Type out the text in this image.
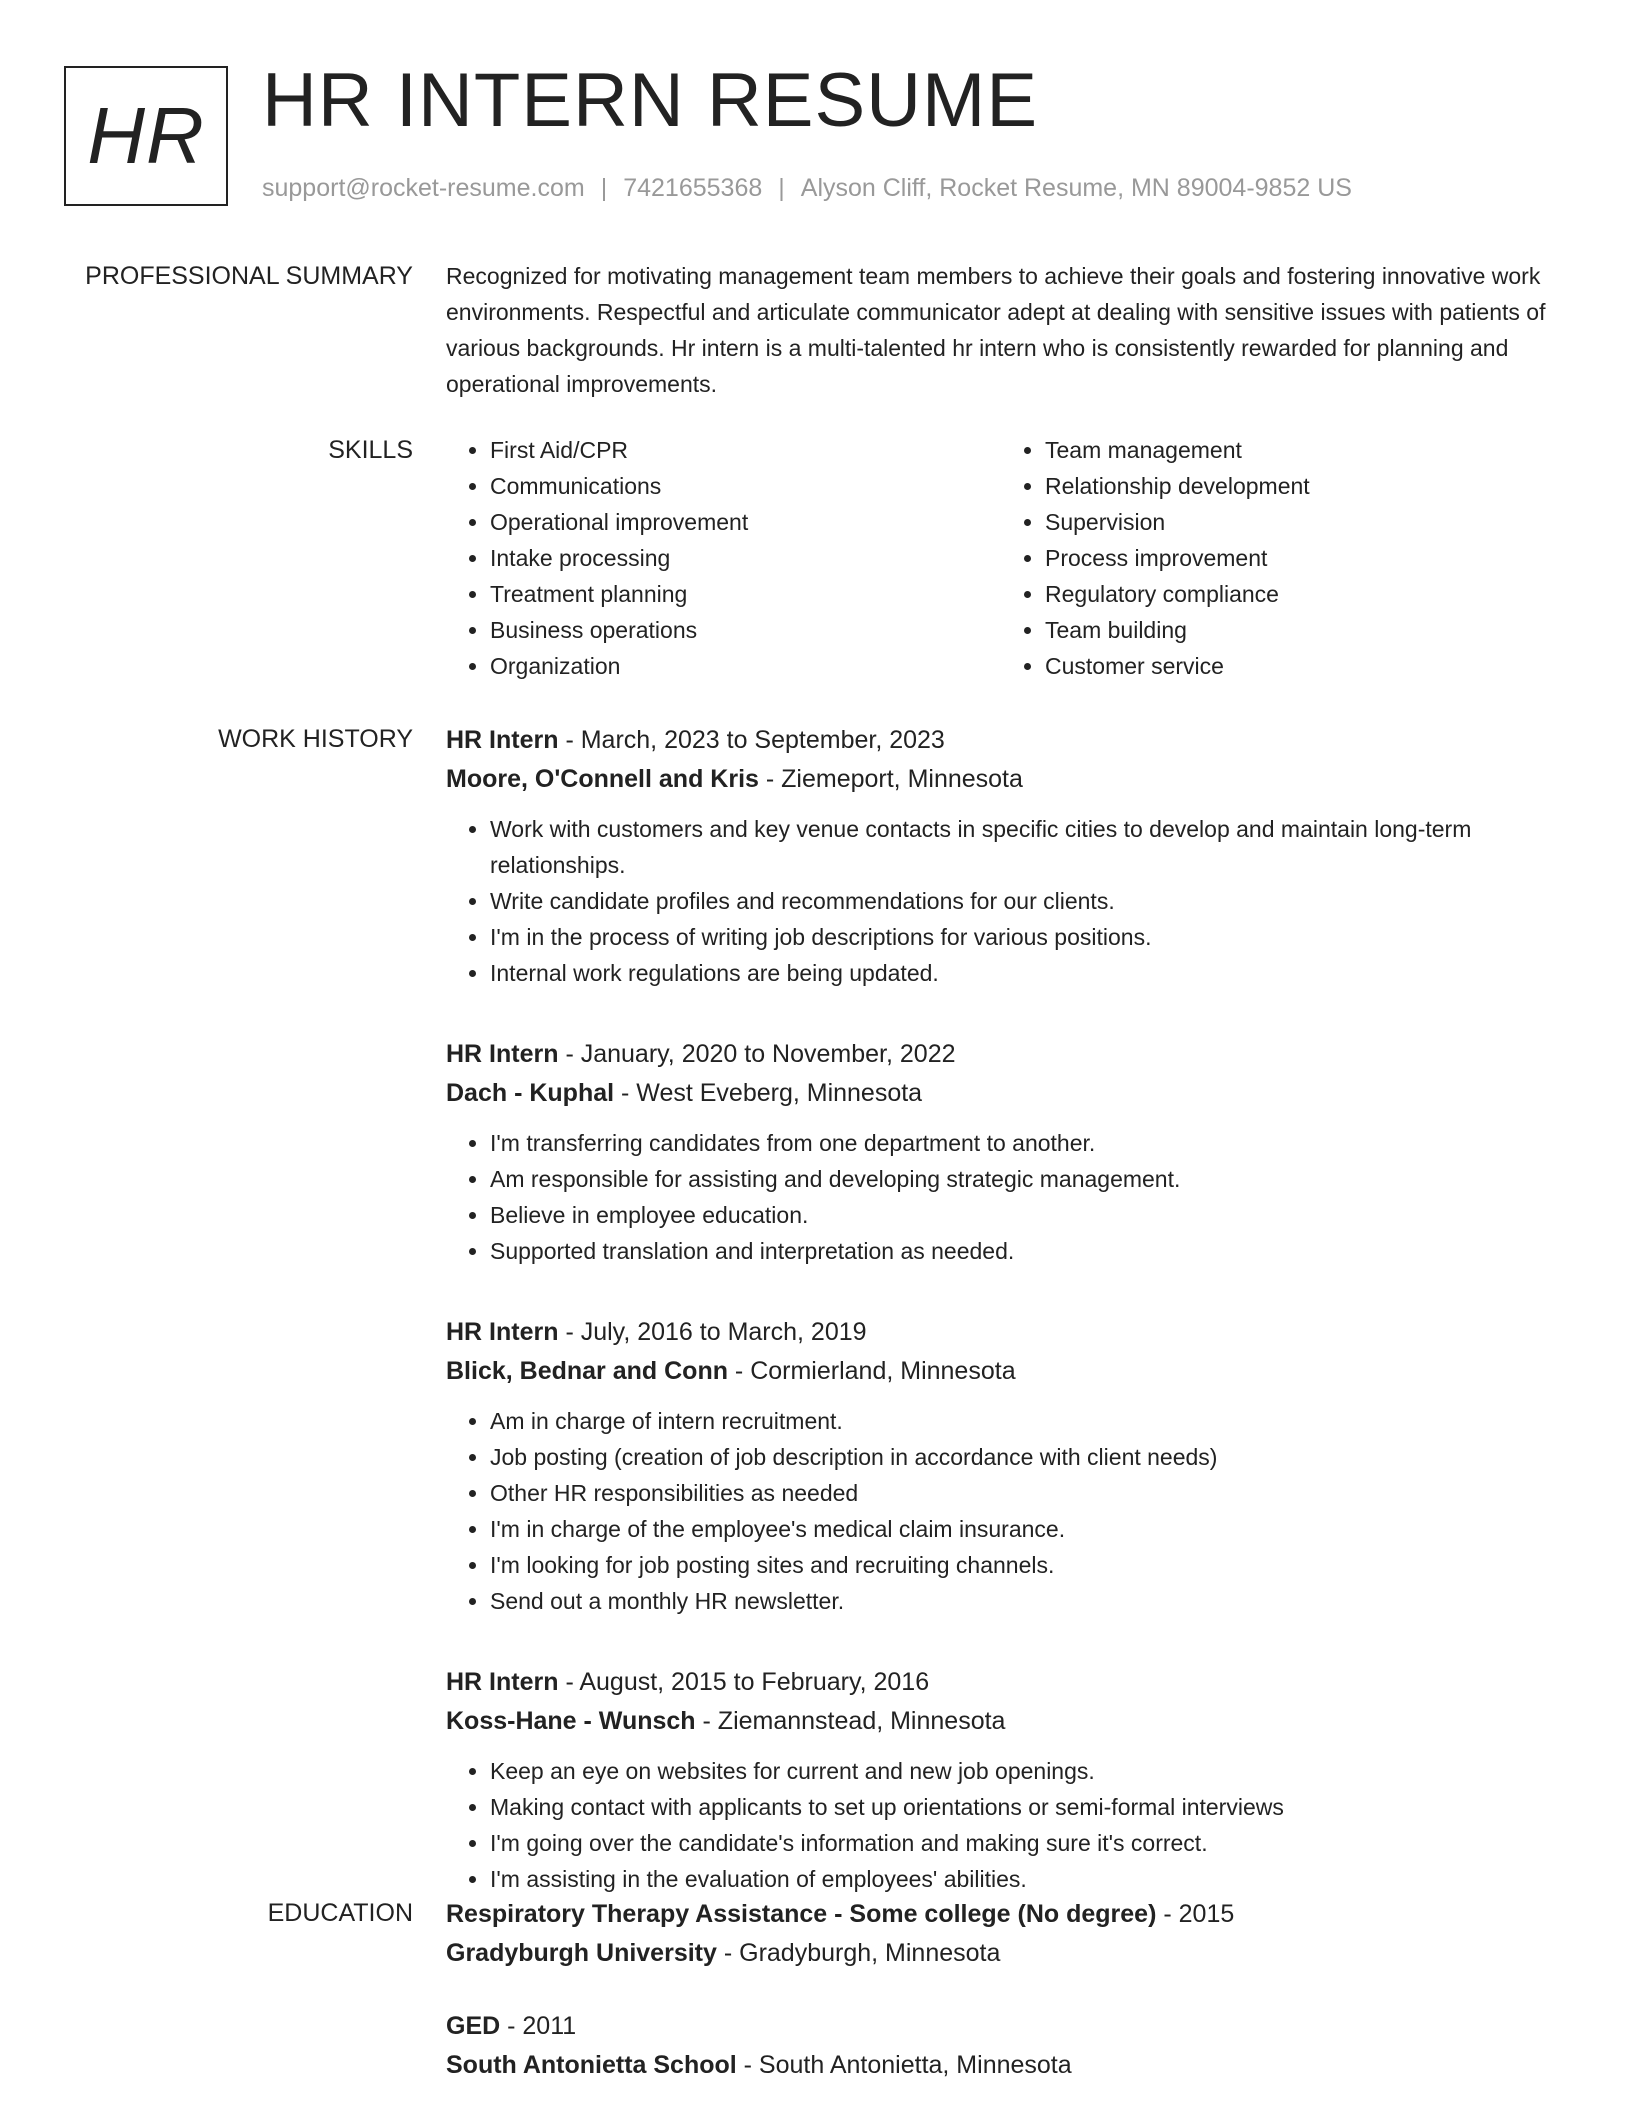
HR HR INTERN RESUME
support@rocket-resume.com | 7421655368 | Alyson Cliff, Rocket Resume, MN 89004-9852 US
PROFESSIONAL SUMMARY Recognized for motivating management team members to achieve their goals and fostering innovative work environments. Respectful and articulate communicator adept at dealing with sensitive issues with patients of various backgrounds. Hr intern is a multi-talented hr intern who is consistently rewarded for planning and operational improvements.

SKILLS
•	First Aid/CPR
• Communications
• Operational improvement
• Intake processing
• Treatment planning
• Business operations
• Organization
• Team management
• Relationship development
• Supervision
• Process improvement
• Regulatory compliance
• Team building
• Customer service
WORK HISTORY HR Intern - March, 2023 to September, 2023
Moore, O'Connell and Kris - Ziemeport, Minnesota
• Work with customers and key venue contacts in specific cities to develop and maintain long-term relationships.
• Write candidate profiles and recommendations for our clients.
• I'm in the process of writing job descriptions for various positions.
• Internal work regulations are being updated.
HR Intern - January, 2020 to November, 2022
Dach - Kuphal - West Eveberg, Minnesota
• I'm transferring candidates from one department to another.
• Am responsible for assisting and developing strategic management.
• Believe in employee education.
• Supported translation and interpretation as needed.
HR Intern - July, 2016 to March, 2019
Blick, Bednar and Conn - Cormierland, Minnesota
• Am in charge of intern recruitment.
• Job posting (creation of job description in accordance with client needs)
• Other HR responsibilities as needed
• I'm in charge of the employee's medical claim insurance.
• I'm looking for job posting sites and recruiting channels.
• Send out a monthly HR newsletter.
HR Intern - August, 2015 to February, 2016
Koss-Hane - Wunsch - Ziemannstead, Minnesota
• Keep an eye on websites for current and new job openings.
• Making contact with applicants to set up orientations or semi-formal interviews
• I'm going over the candidate's information and making sure it's correct.
• I'm assisting in the evaluation of employees' abilities.
EDUCATION Respiratory Therapy Assistance - Some college (No degree) - 2015
Gradyburgh University - Gradyburgh, Minnesota
GED - 2011
South Antonietta School - South Antonietta, Minnesota
